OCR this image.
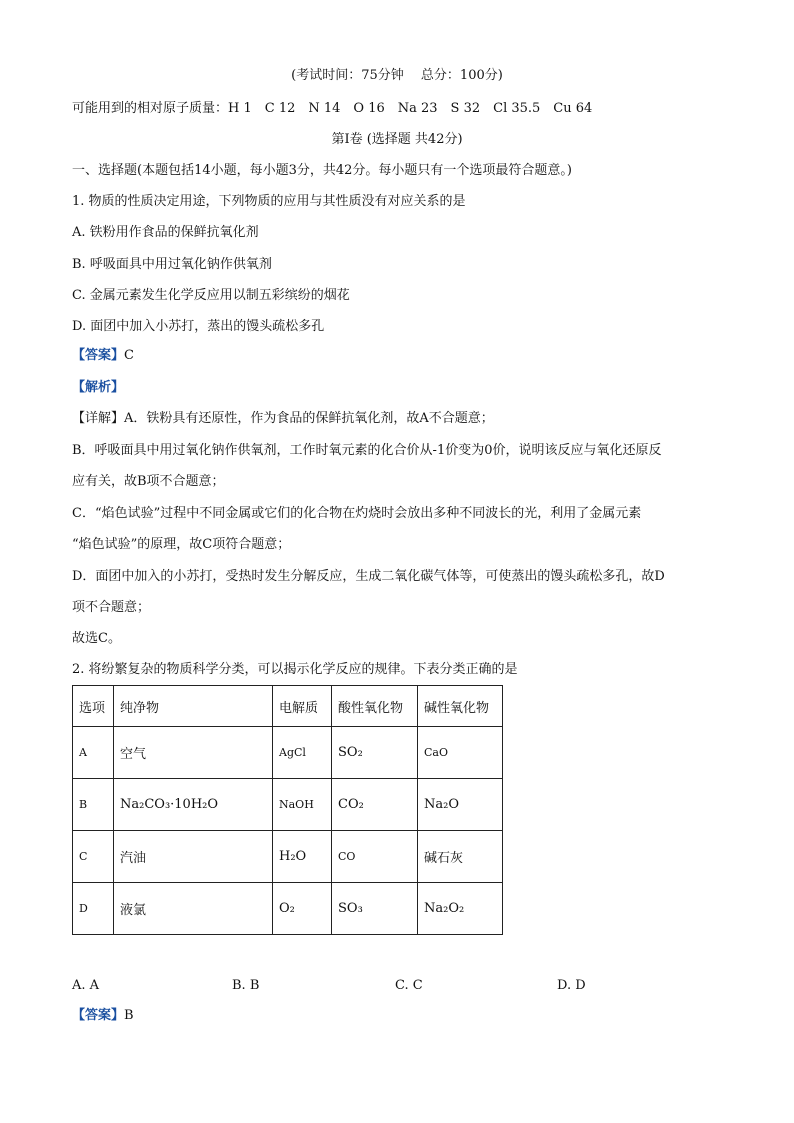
(考试时间：75分钟　 总分：100分)
可能用到的相对原子质量：H 1　C 12　N 14　O 16　Na 23　S 32　Cl 35.5　Cu 64
第Ⅰ卷 (选择题 共42分)
一、选择题(本题包括14小题，每小题3分，共42分。每小题只有一个选项最符合题意。)
1. 物质的性质决定用途，下列物质的应用与其性质没有对应关系的是
A. 铁粉用作食品的保鲜抗氧化剂
B. 呼吸面具中用过氧化钠作供氧剂
C. 金属元素发生化学反应用以制五彩缤纷的烟花
D. 面团中加入小苏打，蒸出的馒头疏松多孔
【答案】C
【解析】
【详解】A．铁粉具有还原性，作为食品的保鲜抗氧化剂，故A不合题意；
B．呼吸面具中用过氧化钠作供氧剂，工作时氧元素的化合价从-1价变为0价，说明该反应与氧化还原反
应有关，故B项不合题意；
C．“焰色试验”过程中不同金属或它们的化合物在灼烧时会放出多种不同波长的光，利用了金属元素
“焰色试验”的原理，故C项符合题意；
D．面团中加入的小苏打，受热时发生分解反应，生成二氧化碳气体等，可使蒸出的馒头疏松多孔，故D
项不合题意；
故选C。
2. 将纷繁复杂的物质科学分类，可以揭示化学反应的规律。下表分类正确的是
选项	纯净物	电解质	酸性氧化物	碱性氧化物
A	空气	AgCl	SO₂	CaO
B	Na₂CO₃·10H₂O	NaOH	CO₂	Na₂O
C	汽油	H₂O	CO	碱石灰
D	液氯	O₂	SO₃	Na₂O₂
A. A	B. B	C. C	D. D
【答案】B
